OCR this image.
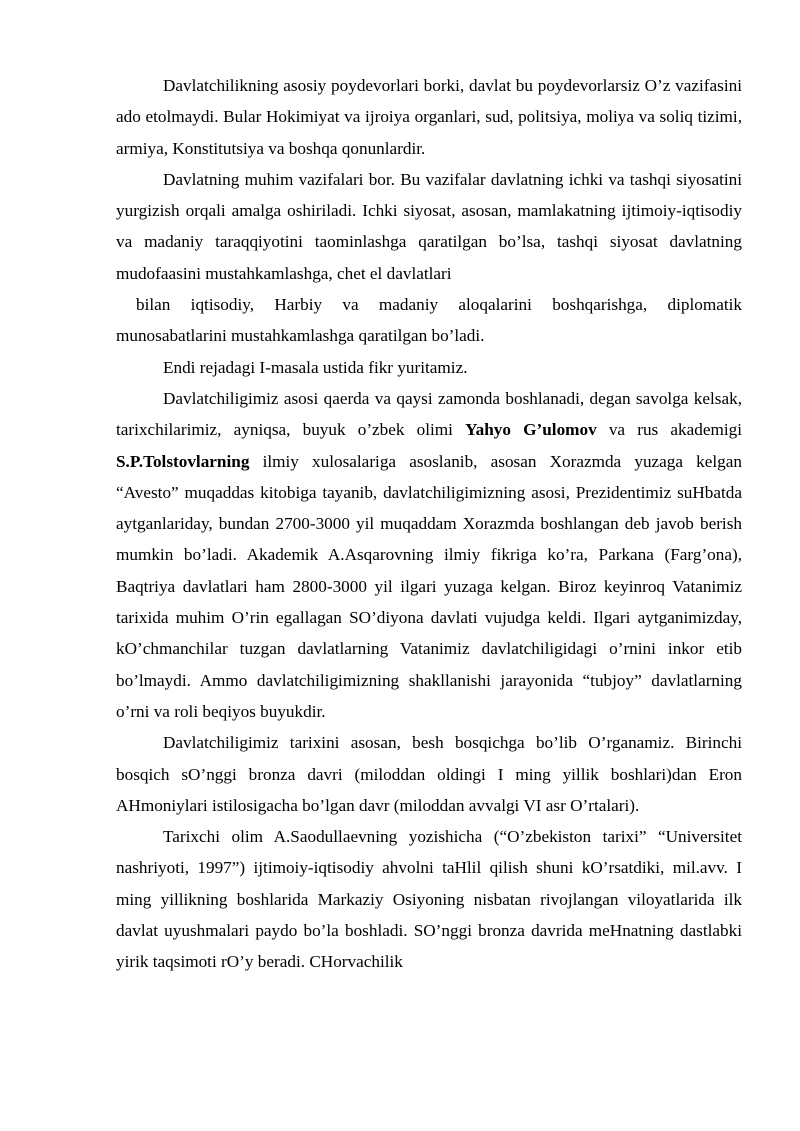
Davlatchilikning asosiy poydevorlari borki, davlat bu poydevorlarsiz O’z vazifasini ado etolmaydi. Bular Hokimiyat va ijroiya organlari, sud, politsiya, moliya va soliq tizimi, armiya, Konstitutsiya va boshqa qonunlardir.

Davlatning muhim vazifalari bor. Bu vazifalar davlatning ichki va tashqi siyosatini yurgizish orqali amalga oshiriladi. Ichki siyosat, asosan, mamlakatning ijtimoiy-iqtisodiy va madaniy taraqqiyotini taominlashga qaratilgan bo’lsa, tashqi siyosat davlatning mudofaasini mustahkamlashga, chet el davlatlari

bilan iqtisodiy, Harbiy va madaniy aloqalarini boshqarishga, diplomatik munosabatlarini mustahkamlashga qaratilgan bo’ladi.

Endi rejadagi I-masala ustida fikr yuritamiz.

Davlatchiligimiz asosi qaerda va qaysi zamonda boshlanadi, degan savolga kelsak, tarixchilarimiz, ayniqsa, buyuk o’zbek olimi Yahyo G’ulomov va rus akademigi S.P.Tolstovlarning ilmiy xulosalariga asoslanib, asosan Xorazmda yuzaga kelgan “Avesto” muqaddas kitobiga tayanib, davlatchiligimizning asosi, Prezidentimiz suHbatda aytganlariday, bundan 2700-3000 yil muqaddam Xorazmda boshlangan deb javob berish mumkin bo’ladi. Akademik A.Asqarovning ilmiy fikriga ko’ra, Parkana (Farg’ona), Baqtriya davlatlari ham 2800-3000 yil ilgari yuzaga kelgan. Biroz keyinroq Vatanimiz tarixida muhim O’rin egallagan SO’diyona davlati vujudga keldi. Ilgari aytganimizday, kO’chmanchilar tuzgan davlatlarning Vatanimiz davlatchiligidagi o’rnini inkor etib bo’lmaydi. Ammo davlatchiligimizning shakllanishi jarayonida “tubjoy” davlatlarning o’rni va roli beqiyos buyukdir.

Davlatchiligimiz tarixini asosan, besh bosqichga bo’lib O’rganamiz. Birinchi bosqich sO’nggi bronza davri (miloddan oldingi I ming yillik boshlari)dan Eron AHmoniylari istilosigacha bo’lgan davr (miloddan avvalgi VI asr O’rtalari).

Tarixchi olim A.Saodullaevning yozishicha (“O’zbekiston tarixi” “Universitet nashriyoti, 1997”) ijtimoiy-iqtisodiy ahvolni taHlil qilish shuni kO’rsatdiki, mil.avv. I ming yillikning boshlarida Markaziy Osiyoning nisbatan rivojlangan viloyatlarida ilk davlat uyushmalari paydo bo’la boshladi. SO’nggi bronza davrida meHnatning dastlabki yirik taqsimoti rO’y beradi. CHorvachilik
